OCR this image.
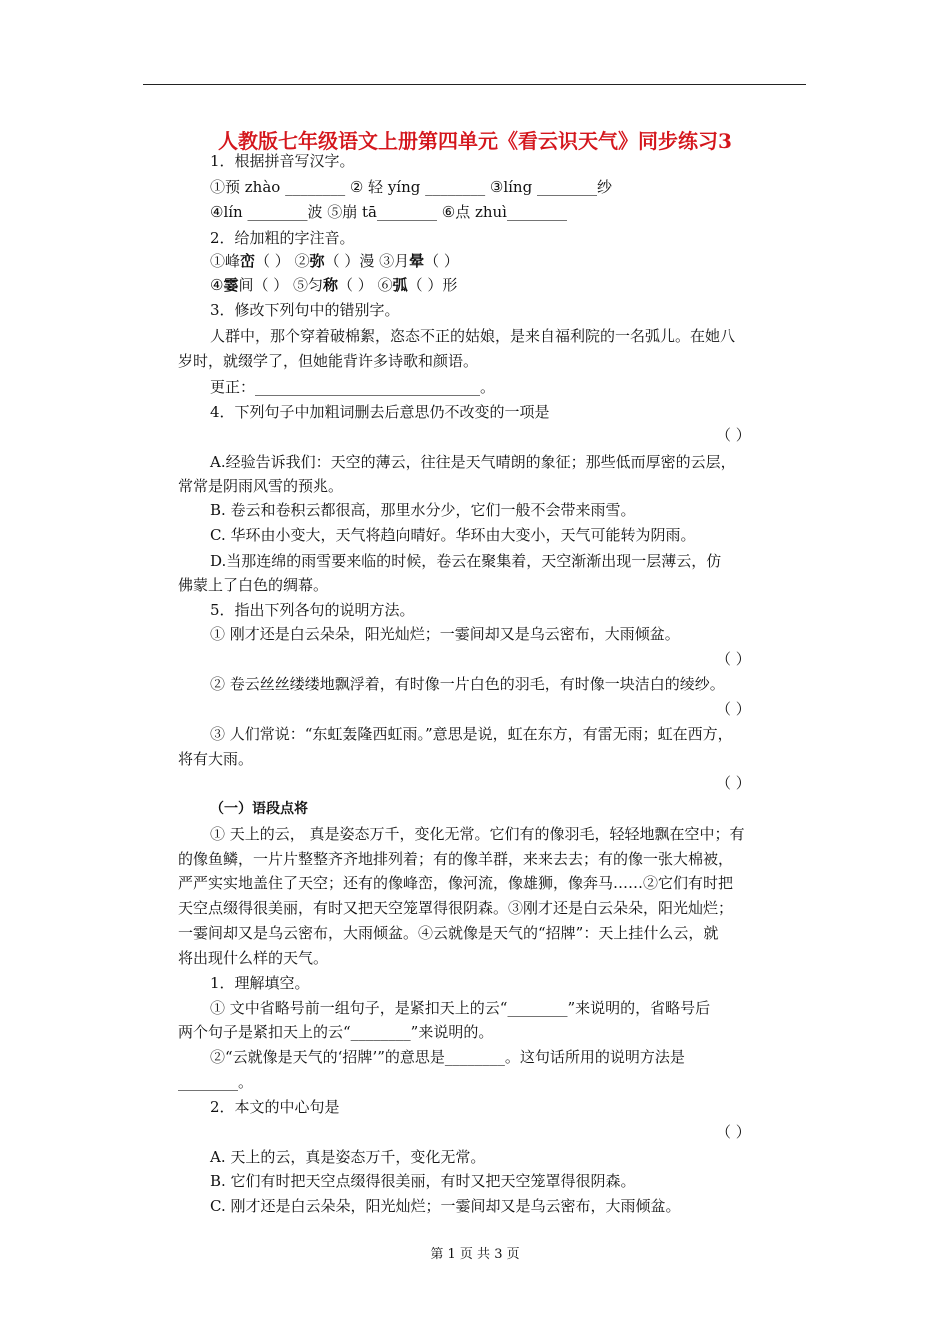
人教版七年级语文上册第四单元《看云识天气》同步练习3
1．根据拼音写汉字。
①预 zhào ________ ② 轻 yíng ________ ③líng ________纱
④lín ________波 ⑤崩 tā________ ⑥点 zhuì________
2．给加粗的字注音。
①峰峦（ ） ②弥（ ）漫 ③月晕（ ）
④霎间（ ） ⑤匀称（ ） ⑥弧（ ）形
3．修改下列句中的错别字。
人群中，那个穿着破棉絮，恣态不正的姑娘，是来自福利院的一名弧儿。在她八
岁时，就缀学了，但她能背许多诗歌和颜语。
更正：______________________________。
4．下列句子中加粗词删去后意思仍不改变的一项是
（ ）
A.经验告诉我们：天空的薄云，往往是天气晴朗的象征；那些低而厚密的云层，
常常是阴雨风雪的预兆。
B. 卷云和卷积云都很高，那里水分少，它们一般不会带来雨雪。
C. 华环由小变大，天气将趋向晴好。华环由大变小，天气可能转为阴雨。
D.当那连绵的雨雪要来临的时候，卷云在聚集着，天空渐渐出现一层薄云，仿
佛蒙上了白色的绸幕。
5．指出下列各句的说明方法。
① 刚才还是白云朵朵，阳光灿烂；一霎间却又是乌云密布，大雨倾盆。
（ ）
② 卷云丝丝缕缕地飘浮着，有时像一片白色的羽毛，有时像一块洁白的绫纱。
（ ）
③ 人们常说：“东虹轰隆西虹雨。”意思是说，虹在东方，有雷无雨；虹在西方，
将有大雨。
（ ）
（一）语段点将
① 天上的云， 真是姿态万千，变化无常。它们有的像羽毛，轻轻地飘在空中；有
的像鱼鳞，一片片整整齐齐地排列着；有的像羊群，来来去去；有的像一张大棉被，
严严实实地盖住了天空；还有的像峰峦，像河流，像雄狮，像奔马……②它们有时把
天空点缀得很美丽，有时又把天空笼罩得很阴森。③刚才还是白云朵朵，阳光灿烂；
一霎间却又是乌云密布，大雨倾盆。④云就像是天气的“招牌”：天上挂什么云，就
将出现什么样的天气。
1．理解填空。
① 文中省略号前一组句子，是紧扣天上的云“________”来说明的，省略号后
两个句子是紧扣天上的云“________”来说明的。
②“云就像是天气的‘招牌’”的意思是________。这句话所用的说明方法是
________。
2．本文的中心句是
（ ）
A. 天上的云，真是姿态万千，变化无常。
B. 它们有时把天空点缀得很美丽，有时又把天空笼罩得很阴森。
C. 刚才还是白云朵朵，阳光灿烂；一霎间却又是乌云密布，大雨倾盆。
第 1 页 共 3 页
